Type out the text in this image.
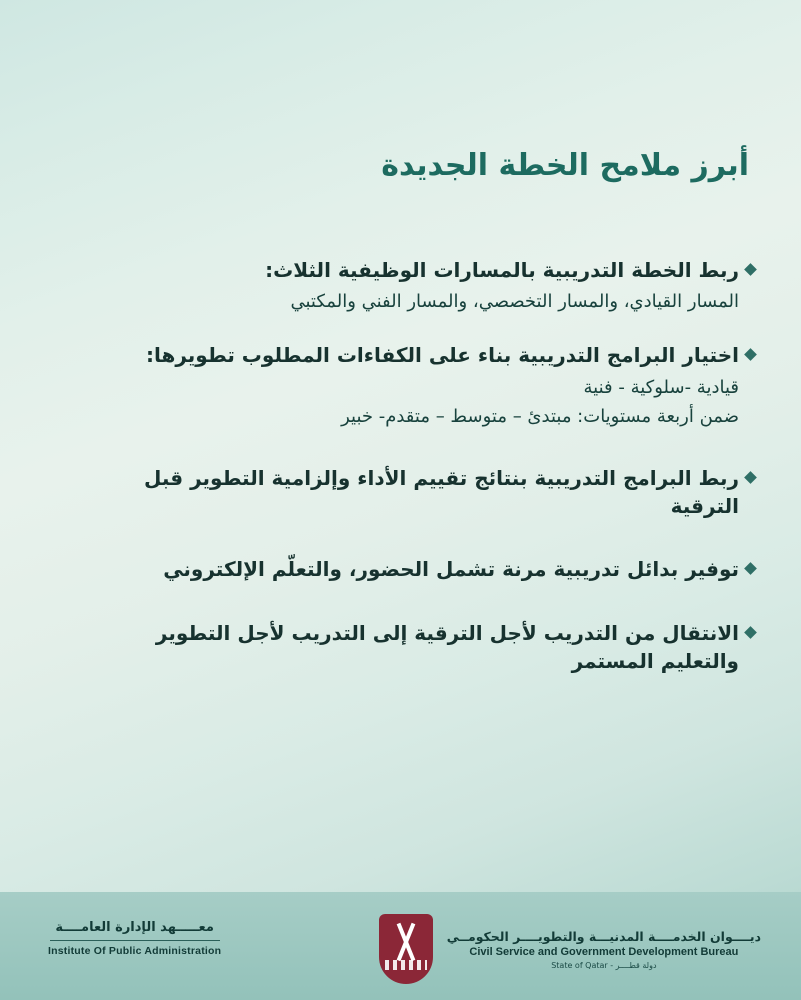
أبرز ملامح الخطة الجديدة
ربط الخطة التدريبية بالمسارات الوظيفية الثلاث:
المسار القيادي، والمسار التخصصي، والمسار الفني والمكتبي
اختيار البرامج التدريبية بناء على الكفاءات المطلوب تطويرها:
قيادية -سلوكية - فنية
ضمن أربعة مستويات: مبتدئ – متوسط – متقدم- خبير
ربط البرامج التدريبية بنتائج تقييم الأداء وإلزامية التطوير قبل الترقية
توفير بدائل تدريبية مرنة تشمل الحضور، والتعلّم الإلكتروني
الانتقال من التدريب لأجل الترقية إلى التدريب لأجل التطوير والتعليم المستمر
معـــــهد الإدارة العامــــة
Institute Of Public Administration
ديــــوان الخدمــــة المدنيـــة والتطويــــر الحكومــي
Civil Service and Government Development Bureau
دولة قطــــر - State of Qatar
